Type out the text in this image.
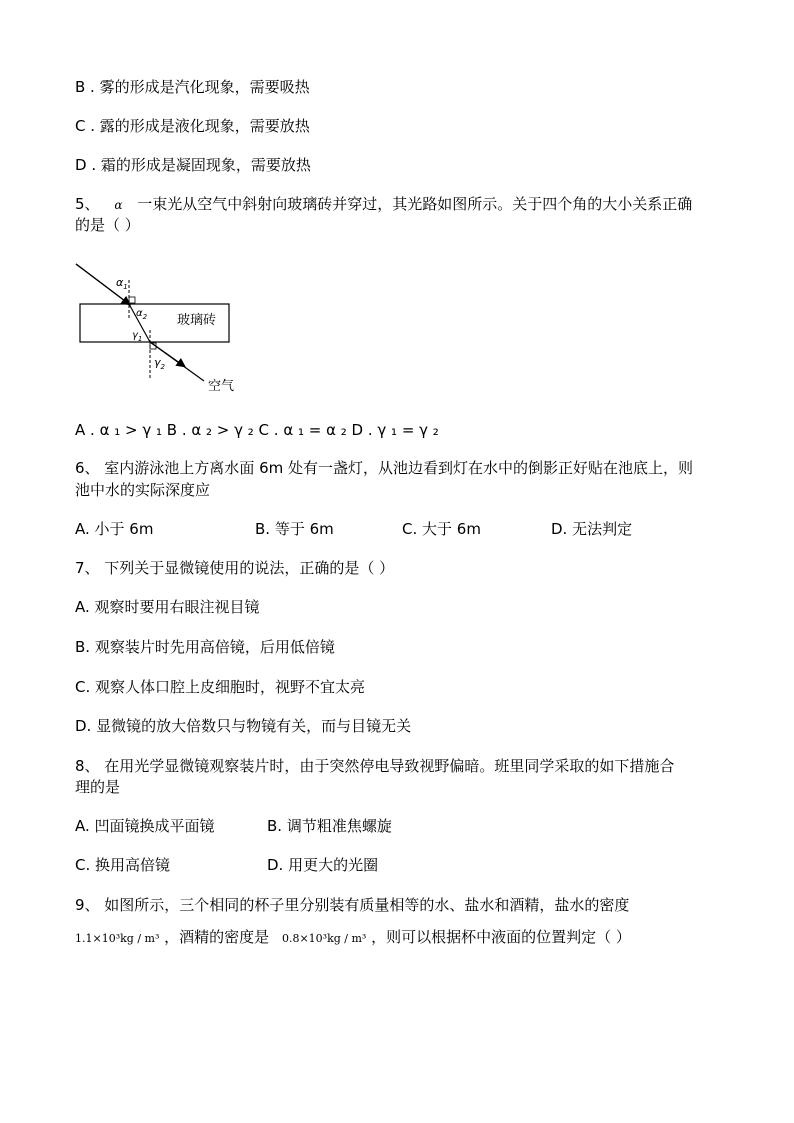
B . 雾的形成是汽化现象，需要吸热
C . 露的形成是液化现象，需要放热
D . 霜的形成是凝固现象，需要放热
5、 α 一束光从空气中斜射向玻璃砖并穿过，其光路如图所示。关于四个角的大小关系正确
的是（ ）
$\alpha_1$
$\alpha_2$
$\gamma_1$
$\gamma_2$
玻璃砖
空气
A . α ₁ > γ ₁ B . α ₂ > γ ₂ C . α ₁ = α ₂ D . γ ₁ = γ ₂
6、 室内游泳池上方离水面 6m 处有一盏灯，从池边看到灯在水中的倒影正好贴在池底上，则
池中水的实际深度应
A. 小于 6m	B. 等于 6m	C. 大于 6m	D. 无法判定
7、 下列关于显微镜使用的说法，正确的是（ ）
A. 观察时要用右眼注视目镜
B. 观察装片时先用高倍镜，后用低倍镜
C. 观察人体口腔上皮细胞时，视野不宜太亮
D. 显微镜的放大倍数只与物镜有关，而与目镜无关
8、 在用光学显微镜观察装片时，由于突然停电导致视野偏暗。班里同学采取的如下措施合
理的是
A. 凹面镜换成平面镜	B. 调节粗准焦螺旋
C. 换用高倍镜	D. 用更大的光圈
9、 如图所示，三个相同的杯子里分别装有质量相等的水、盐水和酒精，盐水的密度
1.1×10³kg / m³ ，酒精的密度是 0.8×10³kg / m³ ，则可以根据杯中液面的位置判定（ ）
